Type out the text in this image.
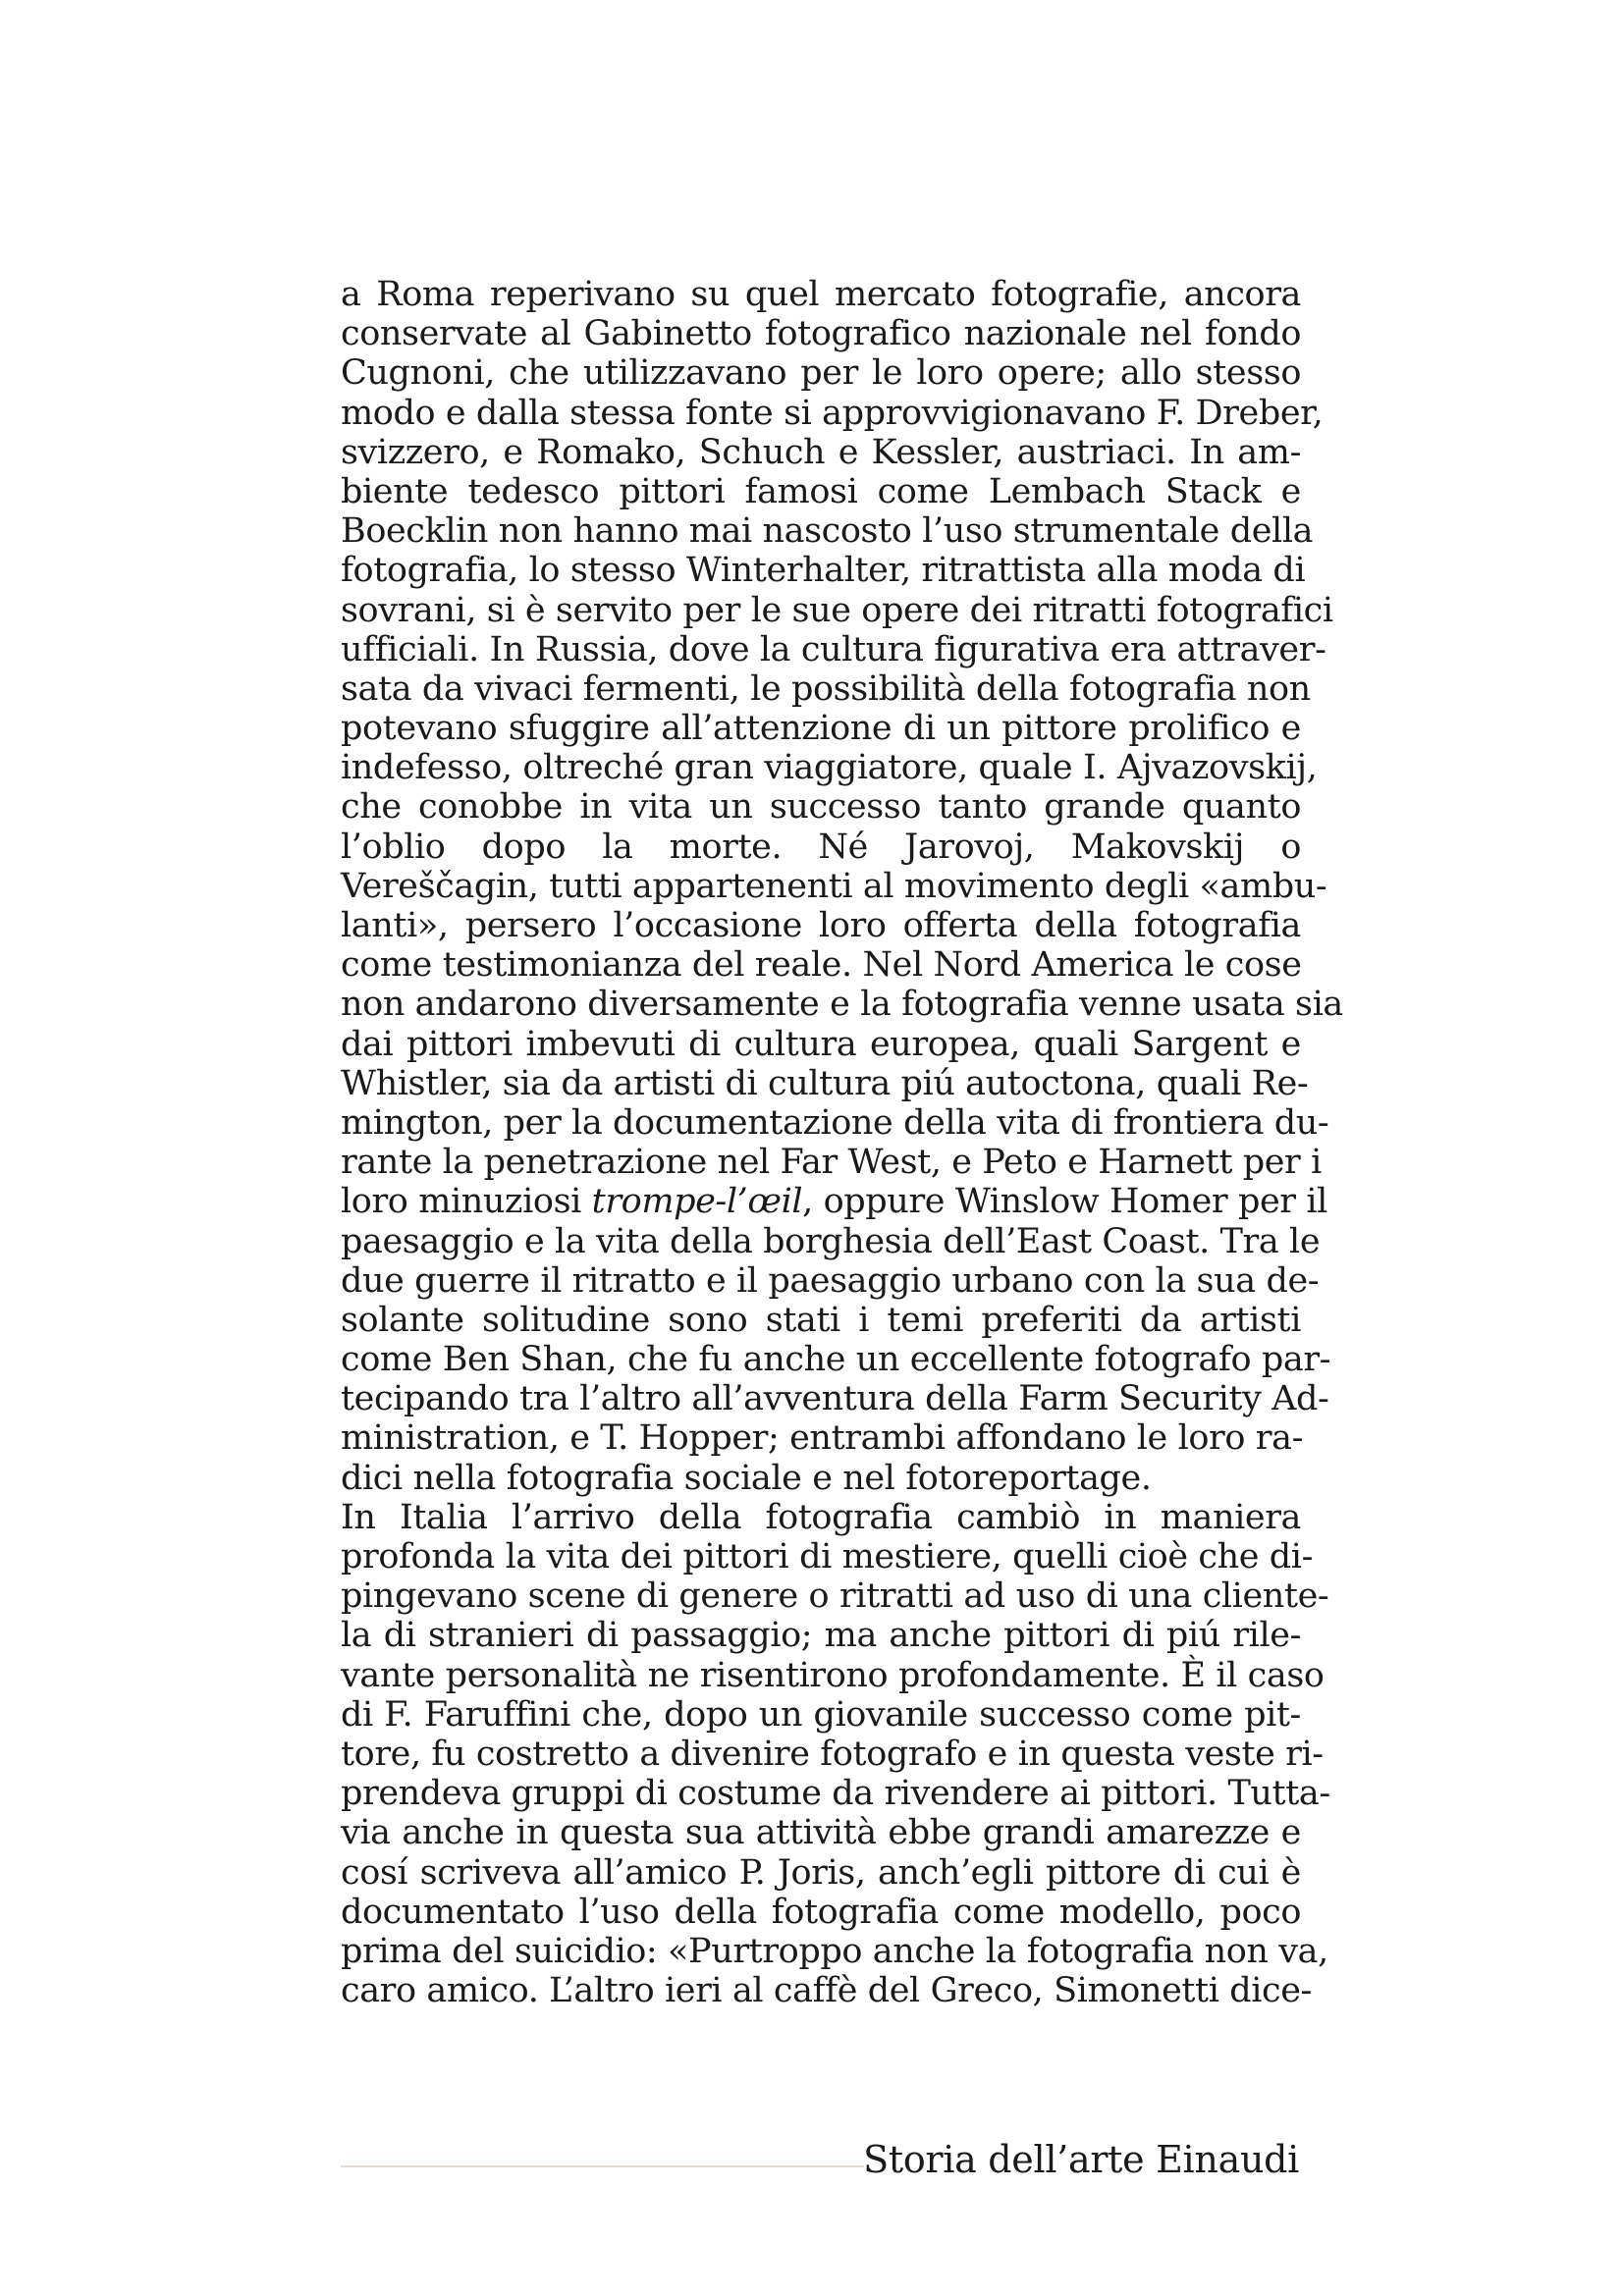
a Roma reperivano su quel mercato fotografie, ancora
conservate al Gabinetto fotografico nazionale nel fondo
Cugnoni, che utilizzavano per le loro opere; allo stesso
modo e dalla stessa fonte si approvvigionavano F. Dreber,
svizzero, e Romako, Schuch e Kessler, austriaci. In am-
biente tedesco pittori famosi come Lembach Stack e
Boecklin non hanno mai nascosto l’uso strumentale della
fotografia, lo stesso Winterhalter, ritrattista alla moda di
sovrani, si è servito per le sue opere dei ritratti fotografici
ufficiali. In Russia, dove la cultura figurativa era attraver-
sata da vivaci fermenti, le possibilità della fotografia non
potevano sfuggire all’attenzione di un pittore prolifico e
indefesso, oltreché gran viaggiatore, quale I. Ajvazovskij,
che conobbe in vita un successo tanto grande quanto
l’oblio dopo la morte. Né Jarovoj, Makovskij o
Vereščagin, tutti appartenenti al movimento degli «ambu-
lanti», persero l’occasione loro offerta della fotografia
come testimonianza del reale. Nel Nord America le cose
non andarono diversamente e la fotografia venne usata sia
dai pittori imbevuti di cultura europea, quali Sargent e
Whistler, sia da artisti di cultura piú autoctona, quali Re-
mington, per la documentazione della vita di frontiera du-
rante la penetrazione nel Far West, e Peto e Harnett per i
loro minuziosi trompe-l’œil, oppure Winslow Homer per il
paesaggio e la vita della borghesia dell’East Coast. Tra le
due guerre il ritratto e il paesaggio urbano con la sua de-
solante solitudine sono stati i temi preferiti da artisti
come Ben Shan, che fu anche un eccellente fotografo par-
tecipando tra l’altro all’avventura della Farm Security Ad-
ministration, e T. Hopper; entrambi affondano le loro ra-
dici nella fotografia sociale e nel fotoreportage.
In Italia l’arrivo della fotografia cambiò in maniera
profonda la vita dei pittori di mestiere, quelli cioè che di-
pingevano scene di genere o ritratti ad uso di una clientе-
la di stranieri di passaggio; ma anche pittori di piú rile-
vante personalità ne risentirono profondamente. È il caso
di F. Faruffini che, dopo un giovanile successo come pit-
tore, fu costretto a divenire fotografo e in questa veste ri-
prendeva gruppi di costume da rivendere ai pittori. Tutta-
via anche in questa sua attività ebbe grandi amarezze e
cosí scriveva all’amico P. Joris, anch’egli pittore di cui è
documentato l’uso della fotografia come modello, poco
prima del suicidio: «Purtroppo anche la fotografia non va,
caro amico. L’altro ieri al caffè del Greco, Simonetti dice-
Storia dell’arte Einaudi
